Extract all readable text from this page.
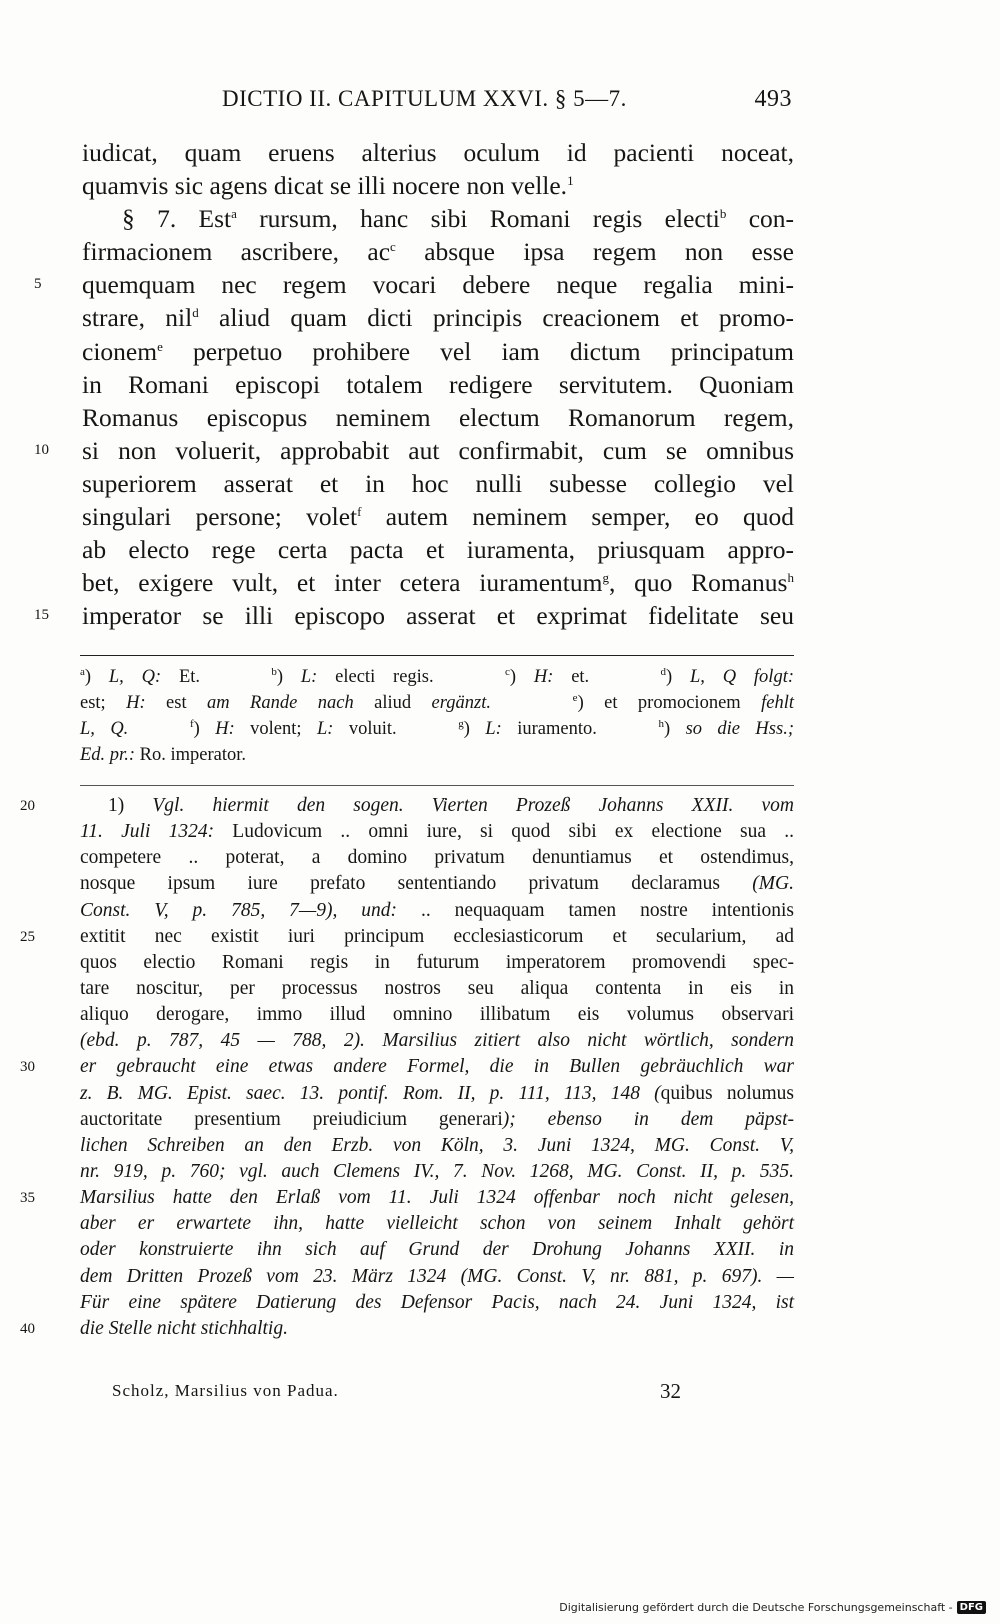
DICTIO II. CAPITULUM XXVI. § 5—7.	493
iudicat, quam eruens alterius oculum id pacienti noceat,
quamvis sic agens dicat se illi nocere non velle.$^1$
§ 7. Est$^a$ rursum, hanc sibi Romani regis electi$^b$ con-
firmacionem ascribere, $ac^c$ absque ipsa regem non esse
5	quemquam nec regem vocari debere neque regalia mini-
strare, nil$^d$ aliud quam dicti principis creacionem et promo-
cionem$^e$ perpetuo prohibere vel iam dictum principatum
in Romani episcopi totalem redigere servitutem. Quoniam
Romanus episcopus neminem electum Romanorum regem,
10	si non voluerit, approbabit aut confirmabit, cum se omnibus
superiorem asserat et in hoc nulli subesse collegio vel
singulari persone; volet$^f$ autem neminem semper, eo quod
ab electo rege certa pacta et iuramenta, priusquam appro-
bet, exigere vult, et inter cetera iuramentum$^g$, quo Romanus$^h$
15	imperator se illi episcopo asserat et exprimat fidelitate seu
$^a$) L, Q: Et.    $^b$) L: electi regis.    $^c$) H: et.    $^d$) L, Q folgt:
est; H: est am Rande nach aliud ergänzt.	$^e$) et promocionem fehlt
L, Q.	$^f$) H: volent; L: voluit.    $^g$) L: iuramento.    $^h$) so die Hss.;
Ed. pr.: Ro. imperator.
20	1) Vgl. hiermit den sogen. Vierten Prozeß Johanns XXII. vom
11. Juli 1324: Ludovicum .. omni iure, si quod sibi ex electione sua ..
competere .. poterat, a domino privatum denuntiamus et ostendimus,
nosque ipsum iure prefato sententiando privatum declaramus (MG.
Const. V, p. 785, 7—9), und: .. nequaquam tamen nostre intentionis
25	extitit nec existit iuri principum ecclesiasticorum et secularium, ad
quos electio Romani regis in futurum imperatorem promovendi spec-
tare noscitur, per processus nostros seu aliqua contenta in eis in
aliquo derogare, immo illud omnino illibatum eis volumus observari
(ebd. p. 787, 45 — 788, 2). Marsilius zitiert also nicht wörtlich, sondern
30	er gebraucht eine etwas andere Formel, die in Bullen gebräuchlich war
z. B. MG. Epist. saec. 13. pontif. Rom. II, p. 111, 113, 148 (quibus nolumus
auctoritate presentium preiudicium generari); ebenso in dem päpst-
lichen Schreiben an den Erzb. von Köln, 3. Juni 1324, MG. Const. V,
nr. 919, p. 760; vgl. auch Clemens IV., 7. Nov. 1268, MG. Const. II, p. 535.
35	Marsilius hatte den Erlaß vom 11. Juli 1324 offenbar noch nicht gelesen,
aber er erwartete ihn, hatte vielleicht schon von seinem Inhalt gehört
oder konstruierte ihn sich auf Grund der Drohung Johanns XXII. in
dem Dritten Prozeß vom 23. März 1324 (MG. Const. V, nr. 881, p. 697). —
Für eine spätere Datierung des Defensor Pacis, nach 24. Juni 1324, ist
40	die Stelle nicht stichhaltig.
Scholz, Marsilius von Padua.	32
Digitalisierung gefördert durch die Deutsche Forschungsgemeinschaft - DFG
